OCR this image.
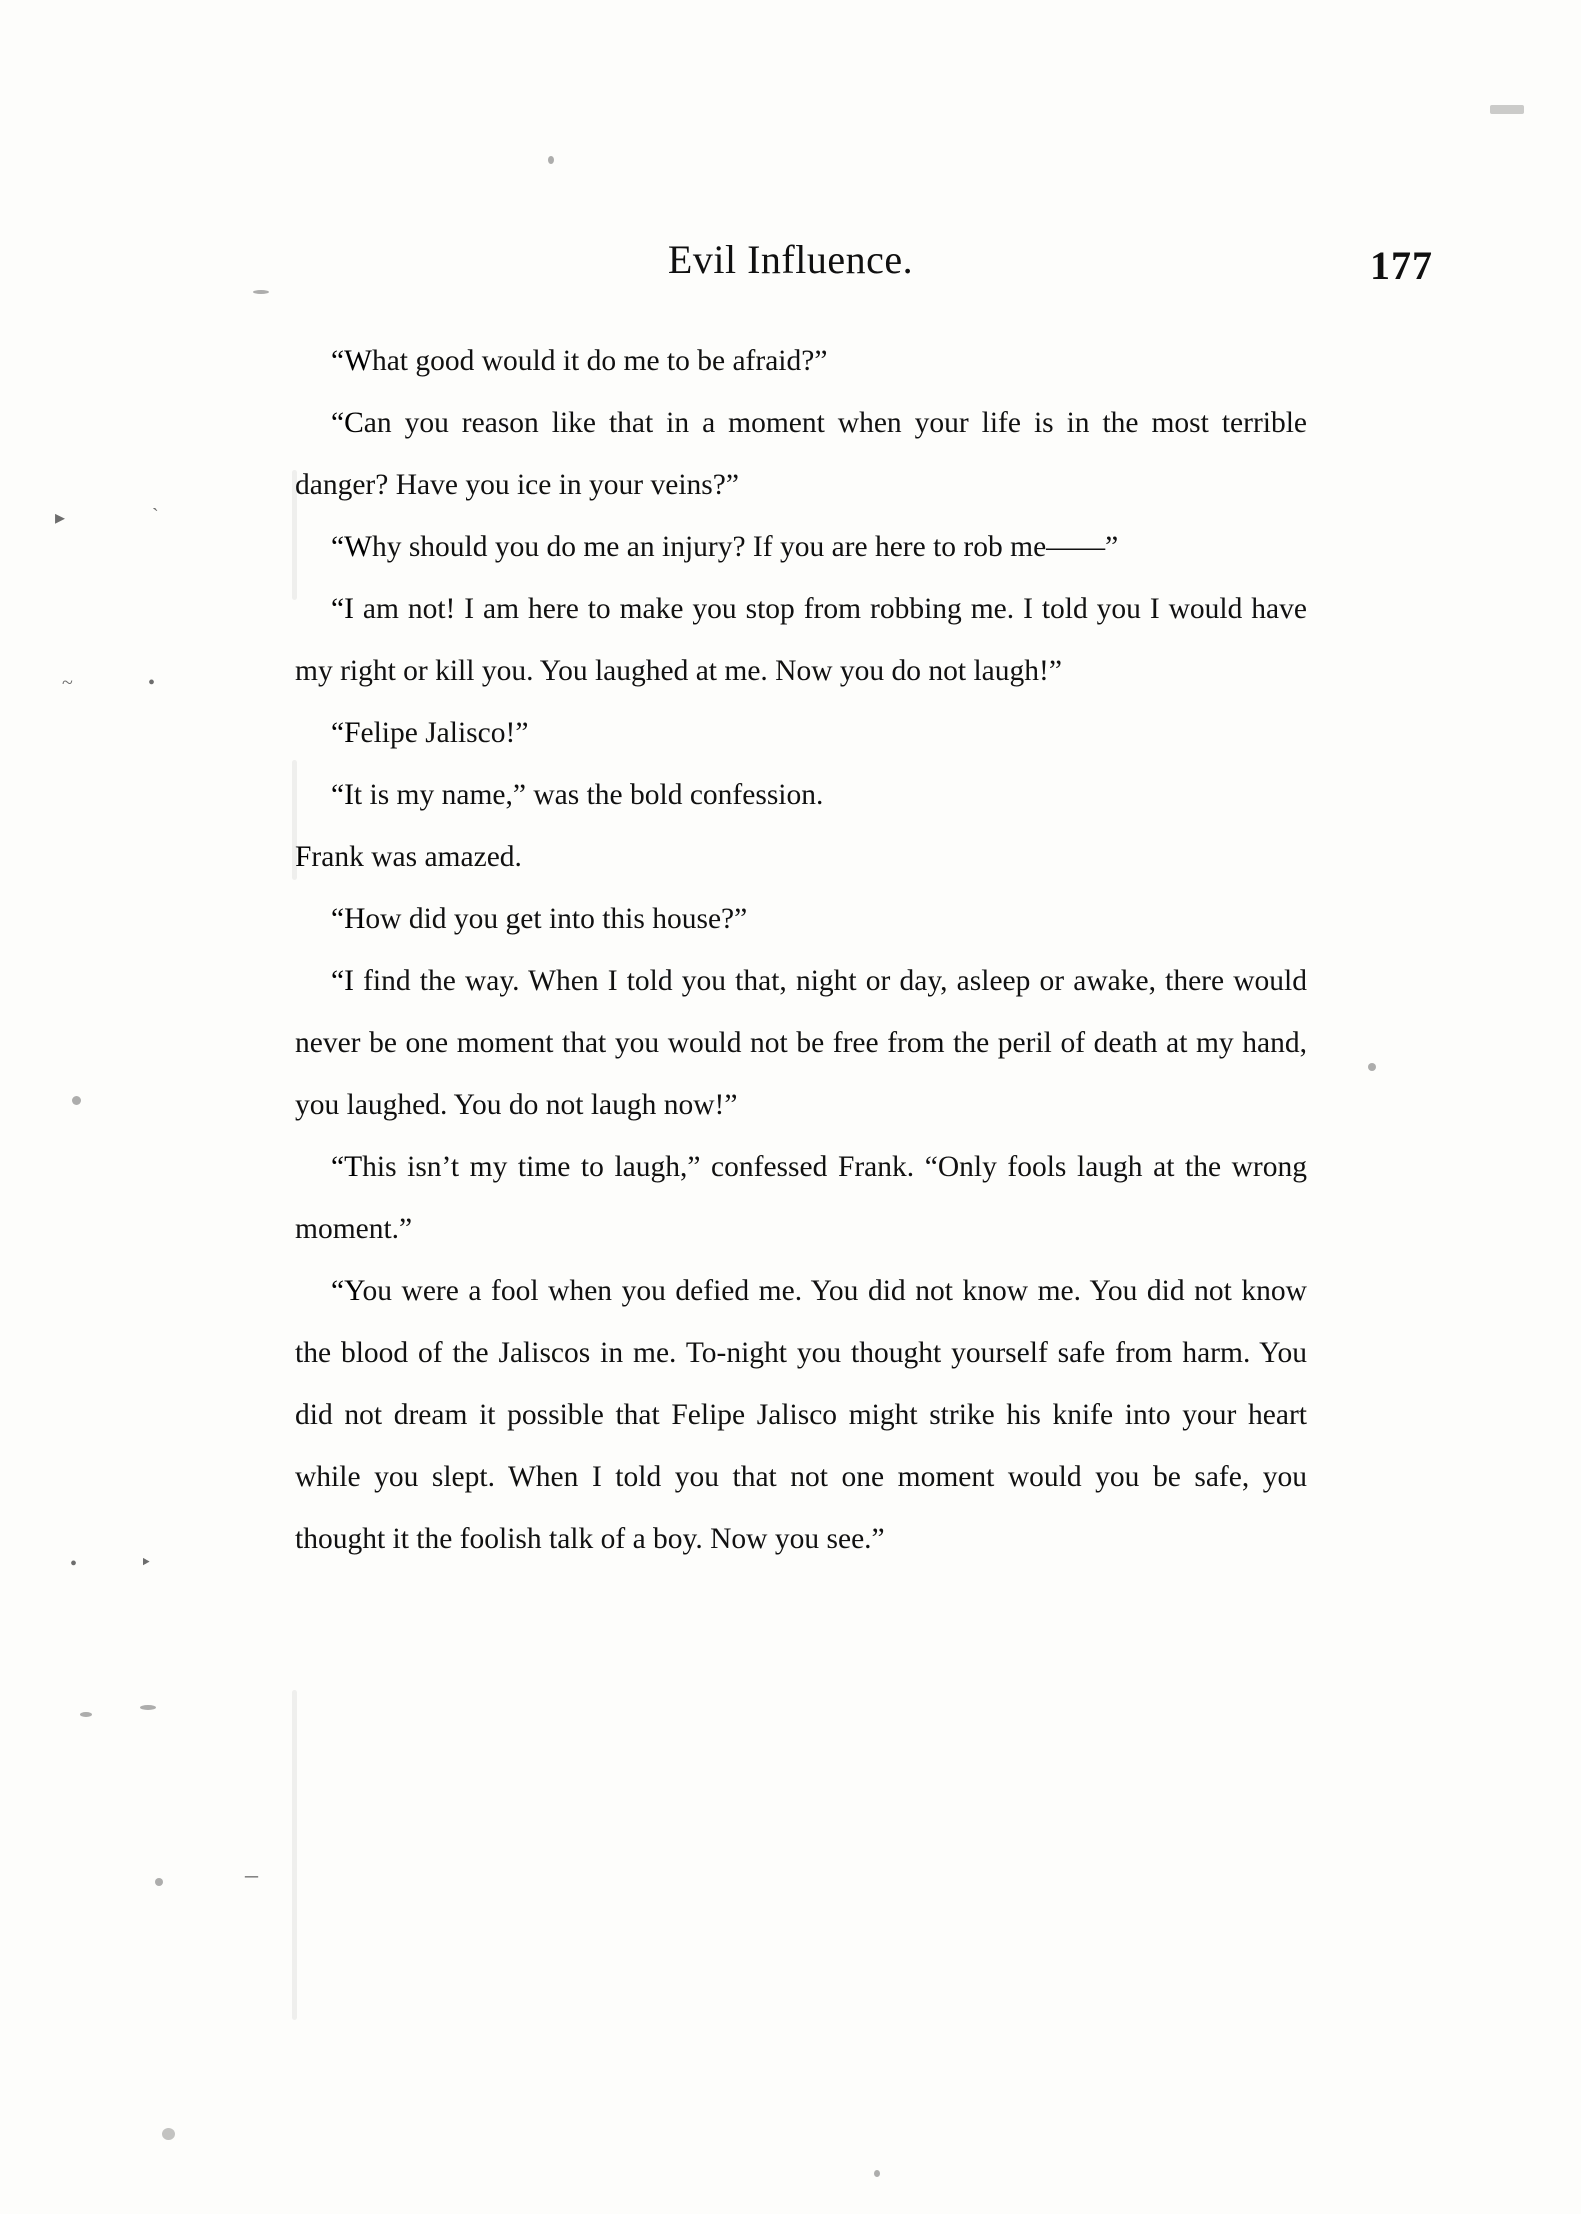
▸	ˋ
~	•
•	‣
–
Evil Influence.	177

“What good would it do me to be afraid?”

“Can you reason like that in a moment when your life is in the most terrible danger? Have you ice in your veins?”

“Why should you do me an injury? If you are here to rob me——”

“I am not! I am here to make you stop from robbing me. I told you I would have my right or kill you. You laughed at me. Now you do not laugh!”

“Felipe Jalisco!”

“It is my name,” was the bold confession.

Frank was amazed.

“How did you get into this house?”

“I find the way. When I told you that, night or day, asleep or awake, there would never be one moment that you would not be free from the peril of death at my hand, you laughed. You do not laugh now!”

“This isn’t my time to laugh,” confessed Frank. “Only fools laugh at the wrong moment.”

“You were a fool when you defied me. You did not know me. You did not know the blood of the Jaliscos in me. To-night you thought yourself safe from harm. You did not dream it possible that Felipe Jalisco might strike his knife into your heart while you slept. When I told you that not one moment would you be safe, you thought it the foolish talk of a boy. Now you see.”
